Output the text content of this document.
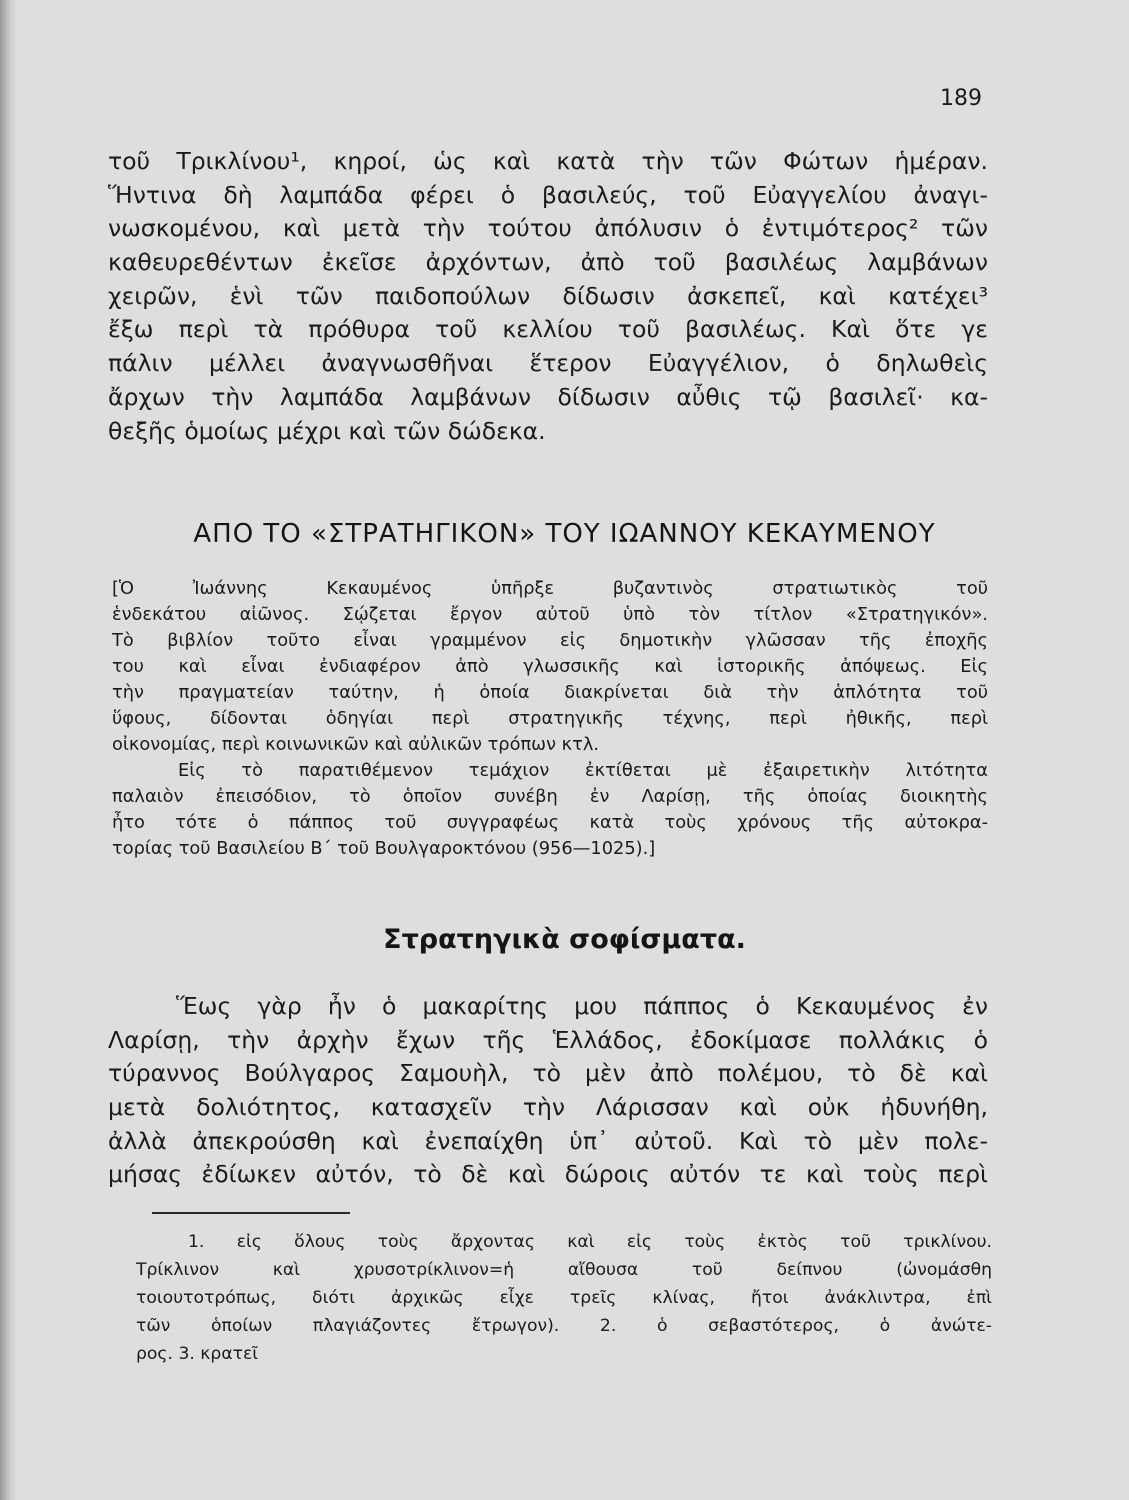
189
τοῦ Τρικλίνου¹, κηροί, ὡς καὶ κατὰ τὴν τῶν Φώτων ἡμέραν.
Ἥντινα δὴ λαμπάδα φέρει ὁ βασιλεύς, τοῦ Εὐαγγελίου ἀναγι-
νωσκομένου, καὶ μετὰ τὴν τούτου ἀπόλυσιν ὁ ἐντιμότερος² τῶν
καθευρεθέντων ἐκεῖσε ἀρχόντων, ἀπὸ τοῦ βασιλέως λαμβάνων
χειρῶν, ἑνὶ τῶν παιδοπούλων δίδωσιν ἀσκεπεῖ, καὶ κατέχει³
ἔξω περὶ τὰ πρόθυρα τοῦ κελλίου τοῦ βασιλέως. Καὶ ὅτε γε
πάλιν μέλλει ἀναγνωσθῆναι ἕτερον Εὐαγγέλιον, ὁ δηλωθεὶς
ἄρχων τὴν λαμπάδα λαμβάνων δίδωσιν αὖθις τῷ βασιλεῖ· κα-
θεξῆς ὁμοίως μέχρι καὶ τῶν δώδεκα.
ΑΠΟ ΤΟ «ΣΤΡΑΤΗΓΙΚΟΝ» ΤΟΥ ΙΩΑΝΝΟΥ ΚΕΚΑΥΜΕΝΟΥ
[Ὁ Ἰωάννης Κεκαυμένος ὑπῆρξε βυζαντινὸς στρατιωτικὸς τοῦ
ἑνδεκάτου αἰῶνος. Σῴζεται ἔργον αὐτοῦ ὑπὸ τὸν τίτλον «Στρατηγικόν».
Τὸ βιβλίον τοῦτο εἶναι γραμμένον εἰς δημοτικὴν γλῶσσαν τῆς ἐποχῆς
του καὶ εἶναι ἐνδιαφέρον ἀπὸ γλωσσικῆς καὶ ἱστορικῆς ἀπόψεως. Εἰς
τὴν πραγματείαν ταύτην, ἡ ὁποία διακρίνεται διὰ τὴν ἁπλότητα τοῦ
ὕφους, δίδονται ὁδηγίαι περὶ στρατηγικῆς τέχνης, περὶ ἠθικῆς, περὶ
οἰκονομίας, περὶ κοινωνικῶν καὶ αὐλικῶν τρόπων κτλ.
Εἰς τὸ παρατιθέμενον τεμάχιον ἐκτίθεται μὲ ἐξαιρετικὴν λιτότητα
παλαιὸν ἐπεισόδιον, τὸ ὁποῖον συνέβη ἐν Λαρίσῃ, τῆς ὁποίας διοικητὴς
ἦτο τότε ὁ πάππος τοῦ συγγραφέως κατὰ τοὺς χρόνους τῆς αὐτοκρα-
τορίας τοῦ Βασιλείου Β΄ τοῦ Βουλγαροκτόνου (956—1025).]
Στρατηγικὰ σοφίσματα.
Ἕως γὰρ ἦν ὁ μακαρίτης μου πάππος ὁ Κεκαυμένος ἐν
Λαρίσῃ, τὴν ἀρχὴν ἔχων τῆς Ἑλλάδος, ἐδοκίμασε πολλάκις ὁ
τύραννος Βούλγαρος Σαμουὴλ, τὸ μὲν ἀπὸ πολέμου, τὸ δὲ καὶ
μετὰ δολιότητος, κατασχεῖν τὴν Λάρισσαν καὶ οὐκ ἠδυνήθη,
ἀλλὰ ἀπεκρούσθη καὶ ἐνεπαίχθη ὑπ᾽ αὐτοῦ. Καὶ τὸ μὲν πολε-
μήσας ἐδίωκεν αὐτόν, τὸ δὲ καὶ δώροις αὐτόν τε καὶ τοὺς περὶ
1. εἰς ὅλους τοὺς ἄρχοντας καὶ εἰς τοὺς ἐκτὸς τοῦ τρικλίνου.
Τρίκλινον καὶ χρυσοτρίκλινον=ἡ αἴθουσα τοῦ δείπνου (ὠνομάσθη
τοιουτοτρόπως, διότι ἀρχικῶς εἶχε τρεῖς κλίνας, ἤτοι ἀνάκλιντρα, ἐπὶ
τῶν ὁποίων πλαγιάζοντες ἔτρωγον). 2. ὁ σεβαστότερος, ὁ ἀνώτε-
ρος. 3. κρατεῖ
